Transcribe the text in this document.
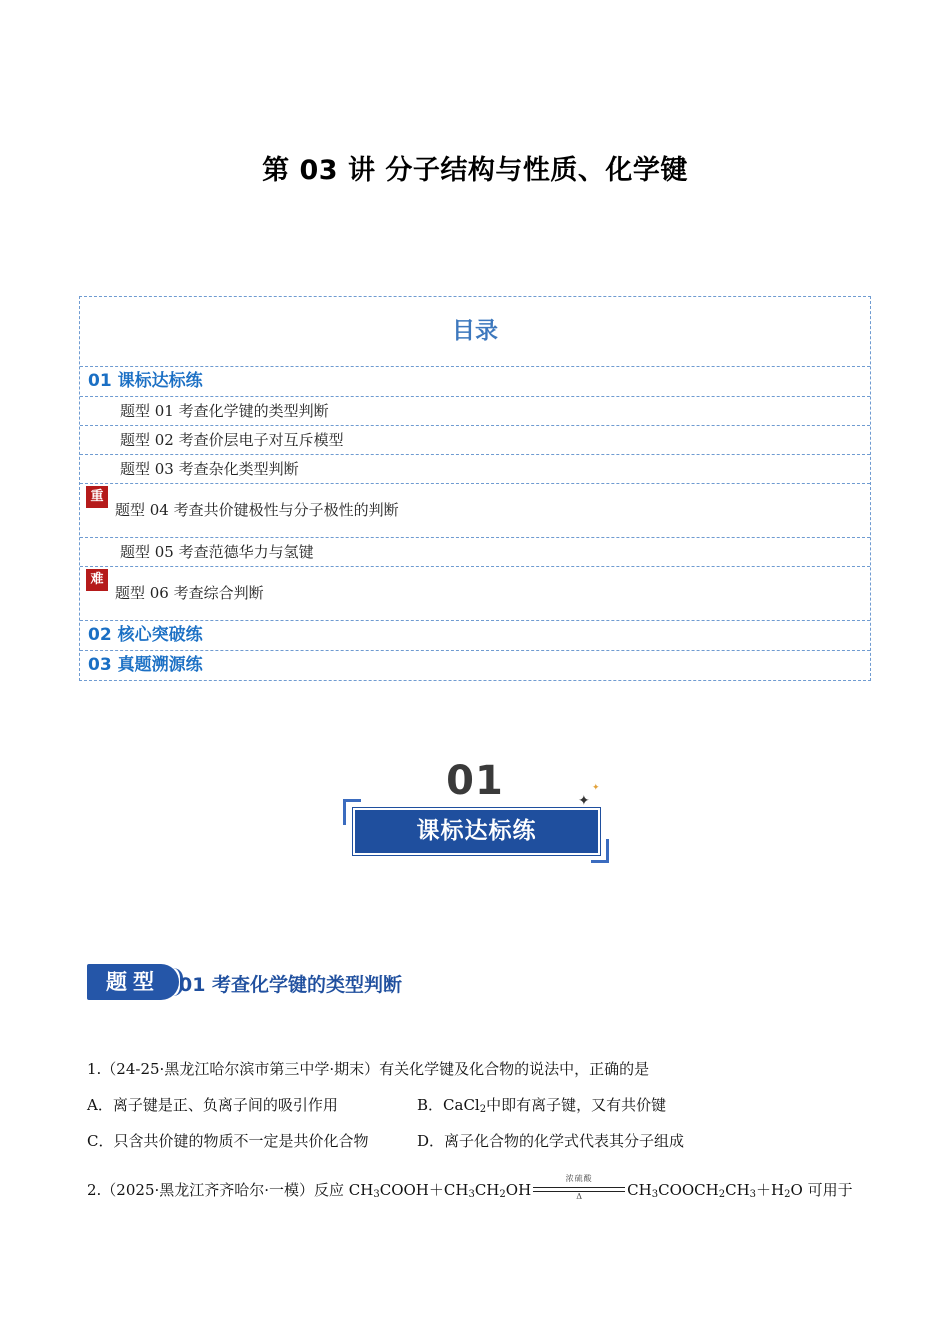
第 03 讲 分子结构与性质、化学键
目录
01 课标达标练
题型 01 考查化学键的类型判断
题型 02 考查价层电子对互斥模型
题型 03 考查杂化类型判断
重
题型 04 考查共价键极性与分子极性的判断
题型 05 考查范德华力与氢键
难
题型 06 考查综合判断
02 核心突破练
03 真题溯源练
01
课标达标练
✦
✦
题型	01 考查化学键的类型判断
1.（24-25·黑龙江哈尔滨市第三中学·期末）有关化学键及化合物的说法中，正确的是
A．离子键是正、负离子间的吸引作用	B．CaCl$_2$中即有离子键，又有共价键
C．只含共价键的物质不一定是共价化合物	D．离子化合物的化学式代表其分子组成
2.（2025·黑龙江齐齐哈尔·一模）反应 $CH_3COOH+CH_3CH_2OH$
浓硫酸
Δ	$CH_3COOCH_2CH_3+H_2O$ 可用于
